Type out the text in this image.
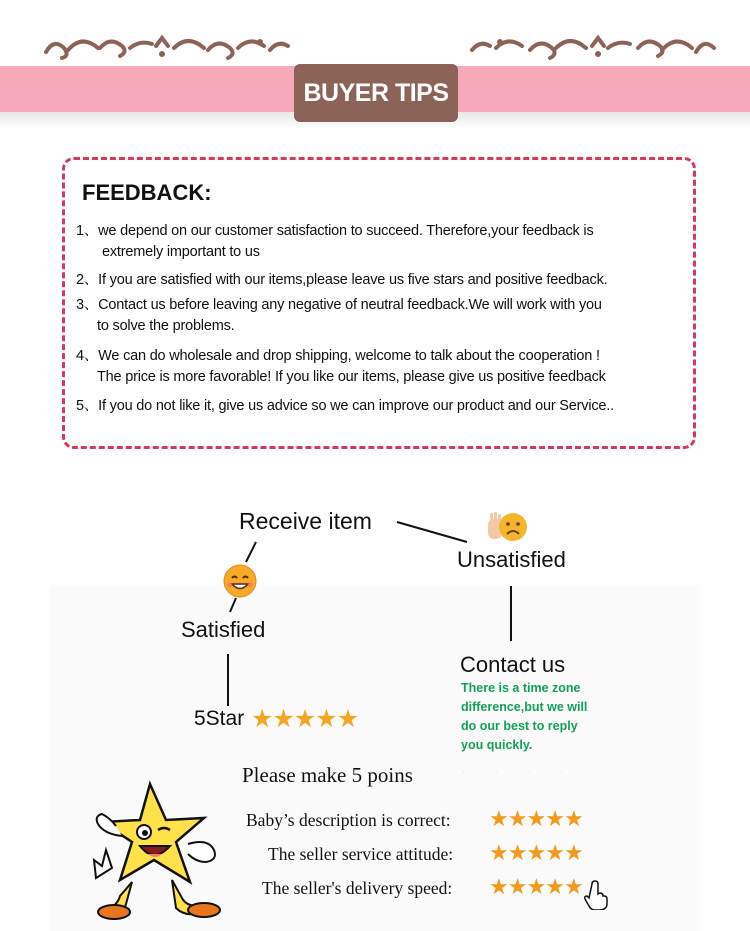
BUYER TIPS
FEEDBACK:
1、we depend on our customer satisfaction to succeed. Therefore,your feedback is
extremely important to us
2、If you are satisfied with our items,please leave us five stars and positive feedback.
3、Contact us before leaving any negative of neutral feedback.We will work with you
to solve the problems.
4、We can do wholesale and drop shipping, welcome to talk about the cooperation !
The price is more favorable! If you like our items, please give us positive feedback
5、If you do not like it, give us advice so we can improve our product and our Service..
Receive item
Unsatisfied
Satisfied
Contact us
There is a time zone
difference,but we will
do our best to reply
you quickly.
5Star ★★★★★
Please make 5 poins	· · · · ·
Baby’s description is correct: ★★★★★
The seller service attitude: ★★★★★
The seller's delivery speed: ★★★★★
